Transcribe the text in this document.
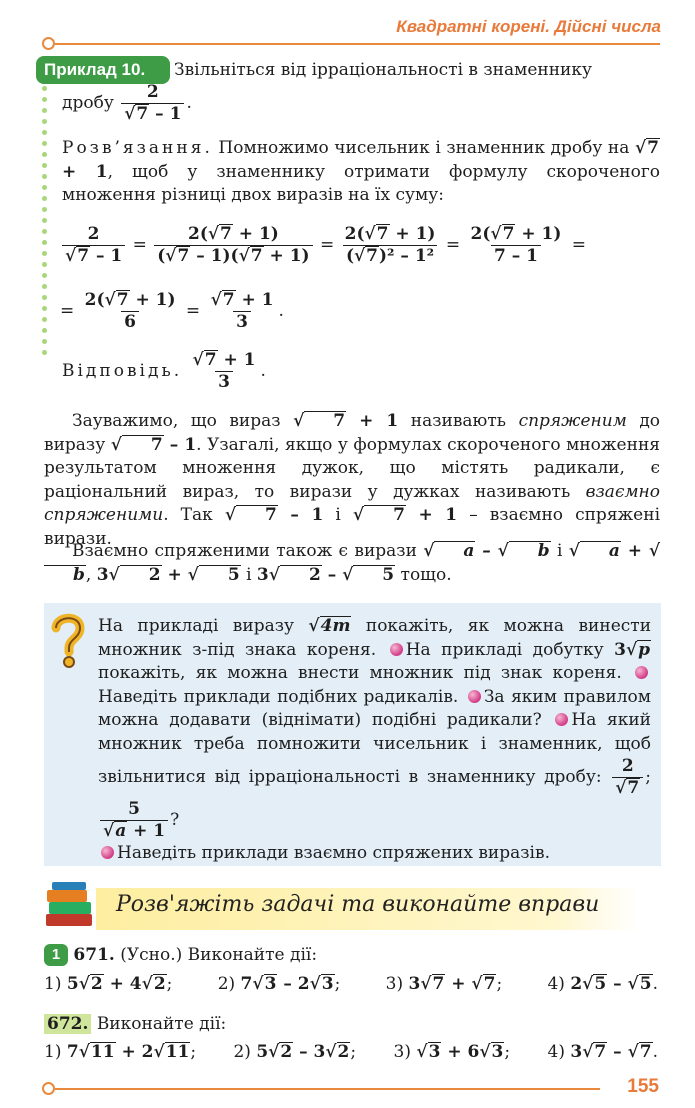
Квадратні корені. Дійсні числа
Приклад 10.	Звільніться від ірраціональності в знаменнику
дробу $\frac{2}{√7 - 1}$ .
Розв’язання. Помножимо чисельник і знаменник дробу на √7 + 1, щоб у знаменнику отримати формулу скороченого множення різниці двох виразів на їх суму:
$\frac{2}{√7 - 1} = \frac{2(√7 + 1)}{(√7 - 1)(√7 + 1)} = \frac{2(√7 + 1)}{\text{(√7)² – 1²}} = \frac{2(√7 + 1)}{7 - 1}$ =
= $\frac{2(√7 + 1)}{6} = \frac{√7 + 1}{3}$ .
Відповідь. $\frac{√7 + 1}{3}$ .
Зауважимо, що вираз √ 7 + 1 називають спряженим до виразу √ 7 – 1. Узагалі, якщо у формулах скороченого множення результатом множення дужок, що містять радикали, є раціональний вираз, то вирази у дужках називають взаємно спряженими. Так √ 7 – 1 і √ 7 + 1 – взаємно спряжені вирази.
Взаємно спряженими також є вирази √ a – √ b і √ a + √b, 3√ 2 + √ 5 і 3√ 2 – √ 5 тощо.
На прикладі виразу √4m покажіть, як можна винести множник з-під знака кореня. На прикладі добутку 3√p покажіть, як можна внести множник під знак кореня. Наведіть приклади подібних радикалів. За яким правилом можна додавати (віднімати) подібні радикали? На який множник треба помножити чисельник і знаменник, щоб звільнитися від ірраціональності в знаменнику дробу: $\frac{2}{√7}$ ;
$\frac{5}{√a + 1}$ ?
Наведіть приклади взаємно спряжених виразів.
Розв'яжіть задачі та виконайте вправи
1 671. (Усно.) Виконайте дії:
1) 5√2 + 4√2;	2) 7√3 – 2√3;	3) 3√7 + √7;	4) 2√5 – √5.
672. Виконайте дії:
1) 7√11 + 2√11; 2) 5√2 – 3√2; 3) √3 + 6√3; 4) 3√7 – √7.
155
